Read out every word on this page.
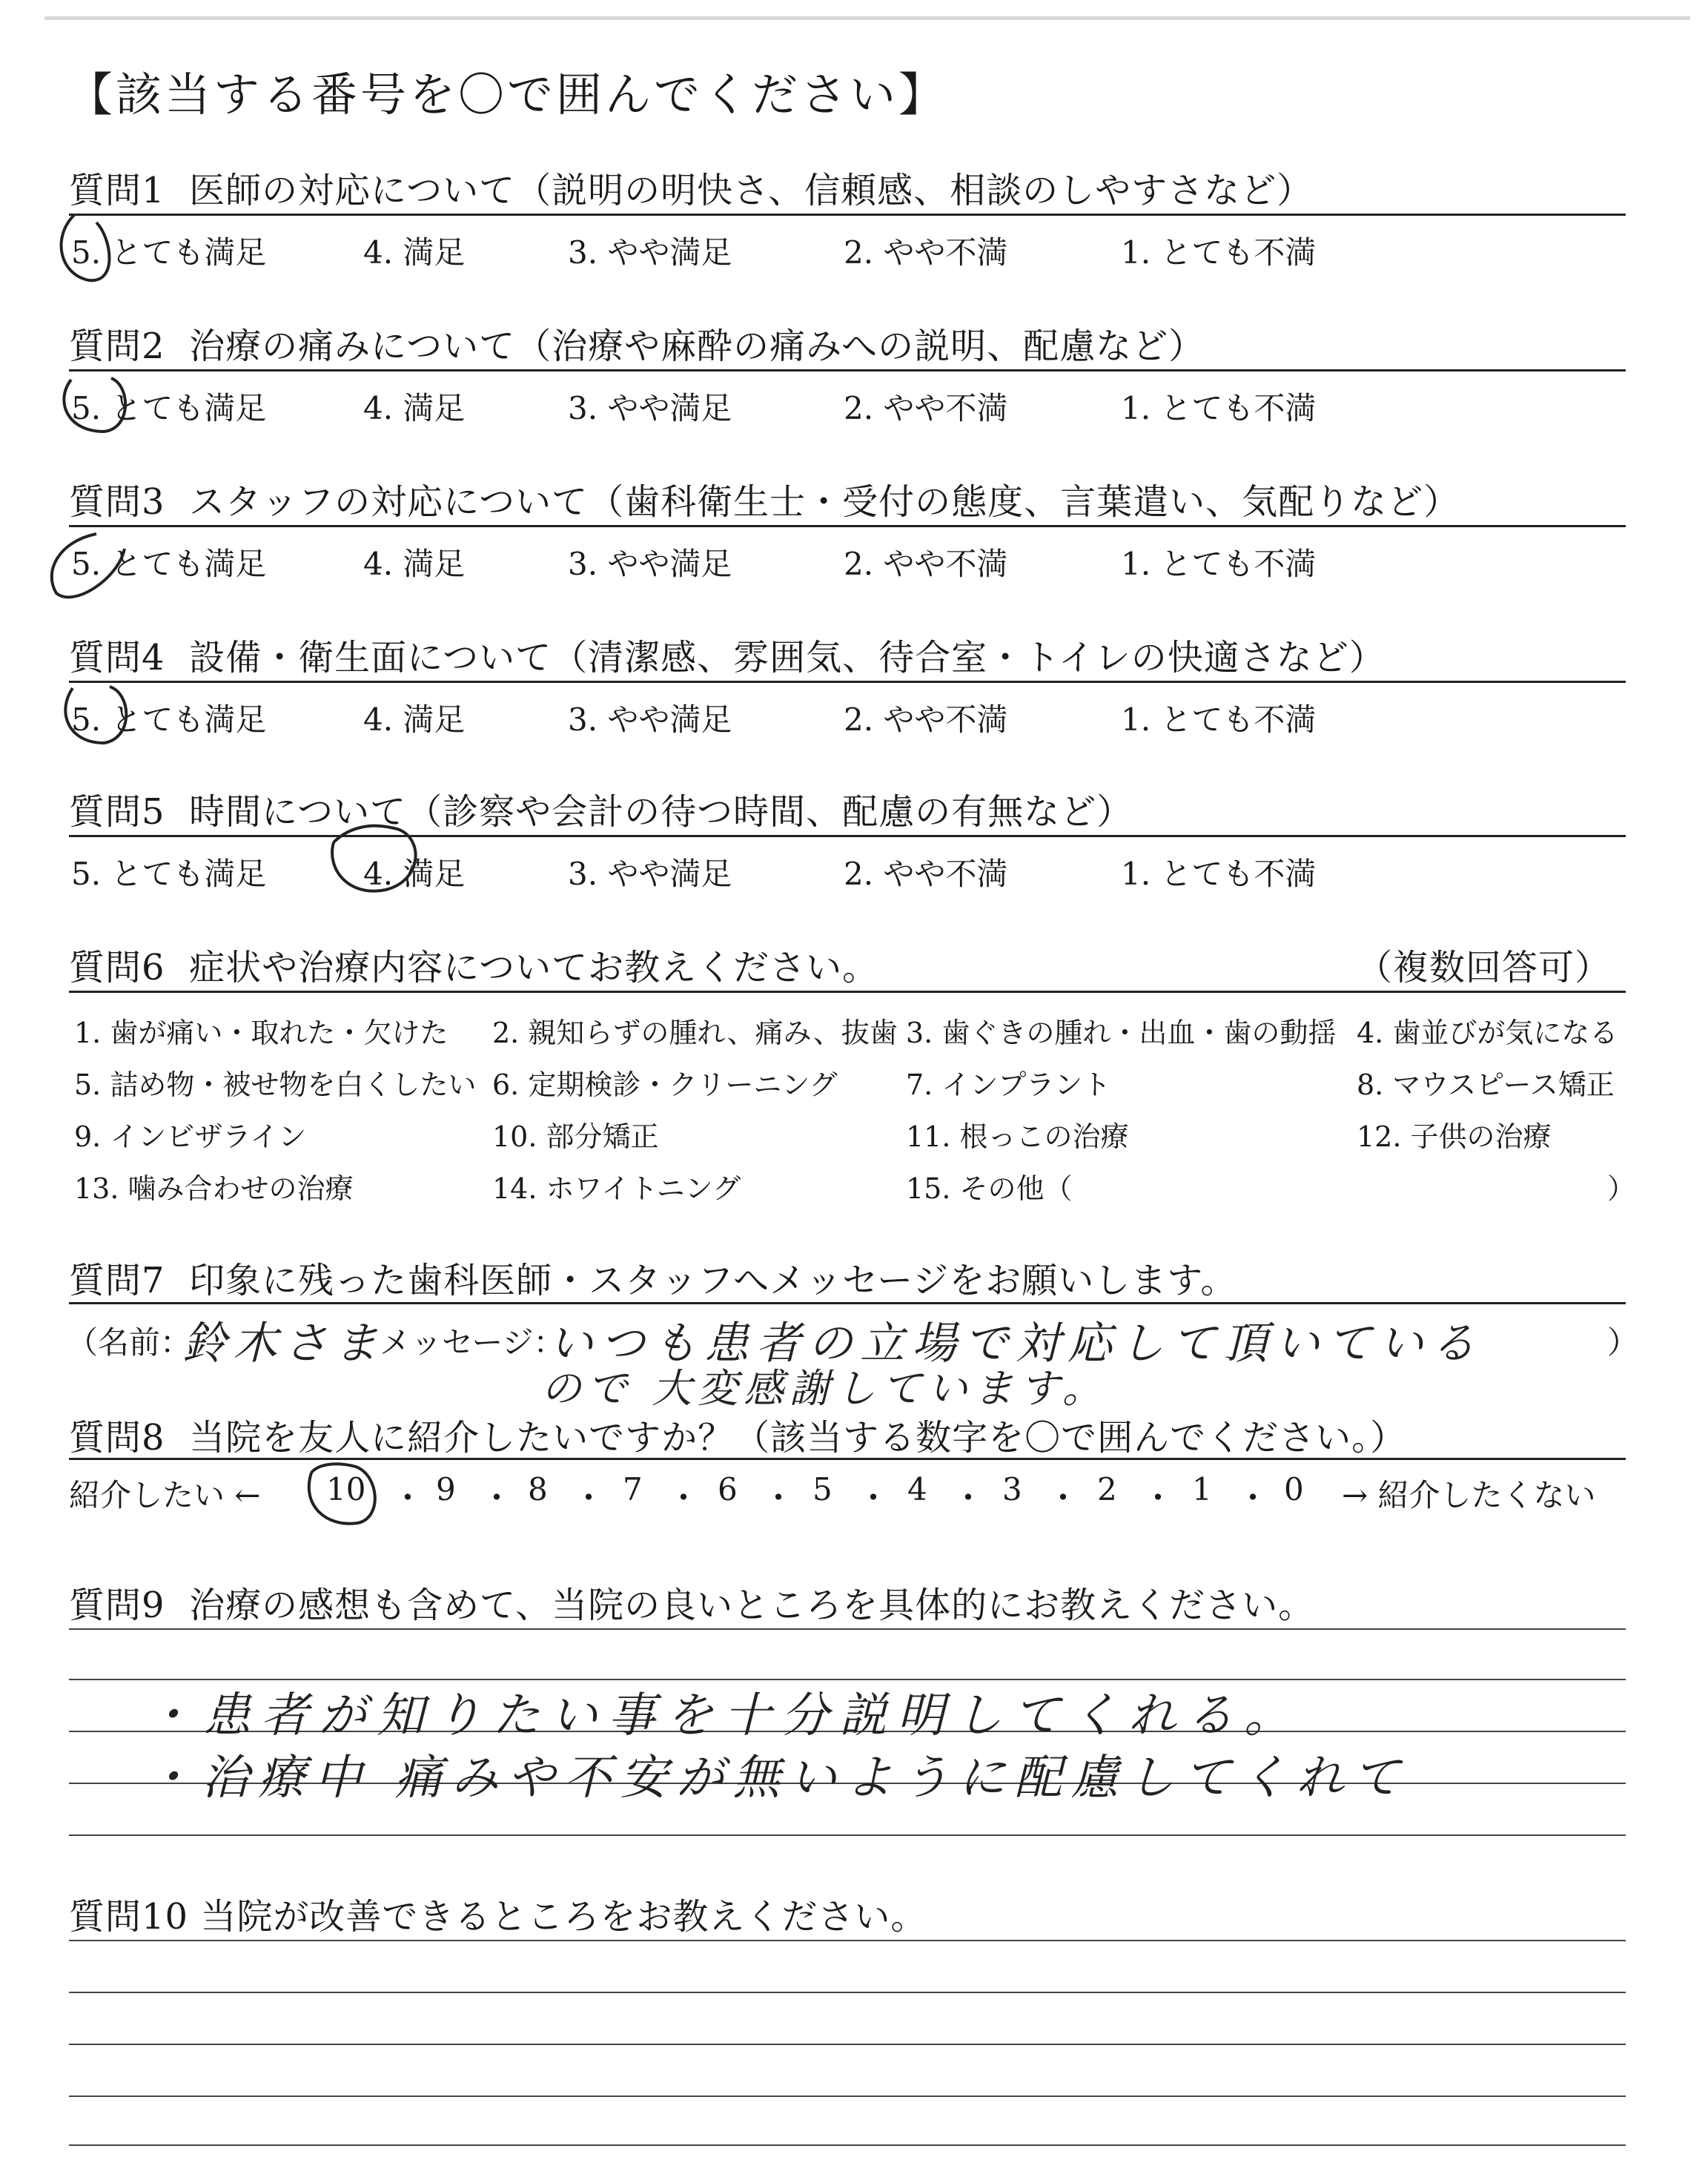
【該当する番号を〇で囲んでください】
質問1 医師の対応について（説明の明快さ、信頼感、相談のしやすさなど）
5. とても満足	4. 満足	3. やや満足	2. やや不満	1. とても不満
質問2 治療の痛みについて（治療や麻酔の痛みへの説明、配慮など）
5. とても満足	4. 満足	3. やや満足	2. やや不満	1. とても不満
質問3 スタッフの対応について（歯科衛生士・受付の態度、言葉遣い、気配りなど）
5. とても満足	4. 満足	3. やや満足	2. やや不満	1. とても不満
質問4 設備・衛生面について（清潔感、雰囲気、待合室・トイレの快適さなど）
5. とても満足	4. 満足	3. やや満足	2. やや不満	1. とても不満
質問5 時間について（診察や会計の待つ時間、配慮の有無など）
5. とても満足	4. 満足	3. やや満足	2. やや不満	1. とても不満
質問6 症状や治療内容についてお教えください。	（複数回答可）
1. 歯が痛い・取れた・欠けた 2. 親知らずの腫れ、痛み、抜歯 3. 歯ぐきの腫れ・出血・歯の動揺 4. 歯並びが気になる
5. 詰め物・被せ物を白くしたい 6. 定期検診・クリーニング 7. インプラント	8. マウスピース矯正
9. インビザライン	10. 部分矯正	11. 根っこの治療	12. 子供の治療
13. 噛み合わせの治療	14. ホワイトニング	15. その他（	）
質問7 印象に残った歯科医師・スタッフへメッセージをお願いします。
（名前：
鈴木さま
メッセージ：
いつも患者の立場で対応して頂いている	）
ので 大変感謝しています。
質問8 当院を友人に紹介したいですか？（該当する数字を〇で囲んでください。）
紹介したい ←	→ 紹介したくない
10 ・ 9 ・ 8 ・ 7 ・ 6 ・ 5 ・ 4 ・ 3 ・ 2 ・ 1 ・ 0
質問9 治療の感想も含めて、当院の良いところを具体的にお教えください。
・患者が知りたい事を十分説明してくれる。
・治療中 痛みや不安が無いように配慮してくれて
質問10 当院が改善できるところをお教えください。
